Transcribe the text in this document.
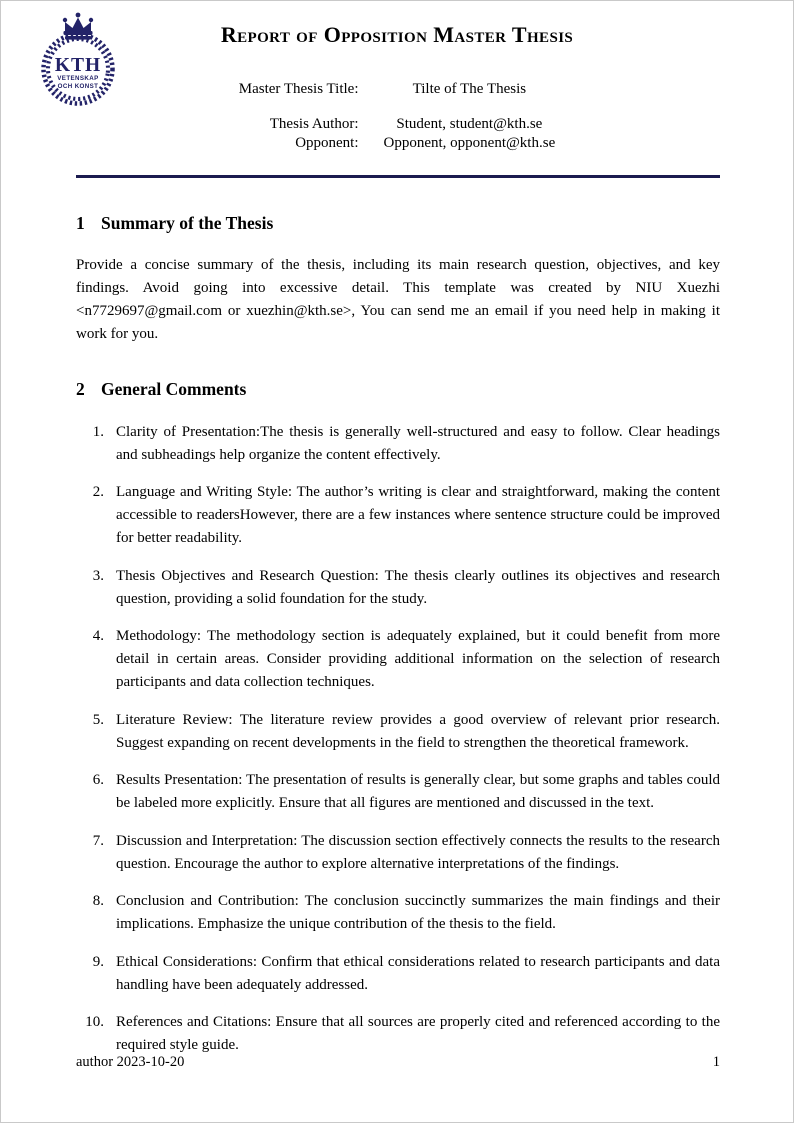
KTH
VETENSKAP
OCH KONST
Report of Opposition Master Thesis
Master Thesis Title:	Tilte of The Thesis
Thesis Author:	Student, student@kth.se
Opponent: Opponent, opponent@kth.se
1 Summary of the Thesis
Provide a concise summary of the thesis, including its main research question, objectives, and key findings. Avoid going into excessive detail. This template was created by NIU Xuezhi <n7729697@gmail.com or xuezhin@kth.se>, You can send me an email if you need help in making it work for you.
2 General Comments
1. Clarity of Presentation:The thesis is generally well-structured and easy to follow. Clear headings and subheadings help organize the content effectively.
2. Language and Writing Style: The author’s writing is clear and straightforward, making the content accessible to readersHowever, there are a few instances where sentence structure could be improved for better readability.
3. Thesis Objectives and Research Question: The thesis clearly outlines its objectives and research question, providing a solid foundation for the study.
4. Methodology: The methodology section is adequately explained, but it could benefit from more detail in certain areas. Consider providing additional information on the selection of research participants and data collection techniques.
5. Literature Review: The literature review provides a good overview of relevant prior research. Suggest expanding on recent developments in the field to strengthen the theoretical framework.
6. Results Presentation: The presentation of results is generally clear, but some graphs and tables could be labeled more explicitly. Ensure that all figures are mentioned and discussed in the text.
7. Discussion and Interpretation: The discussion section effectively connects the results to the research question. Encourage the author to explore alternative interpretations of the findings.
8. Conclusion and Contribution: The conclusion succinctly summarizes the main findings and their implications. Emphasize the unique contribution of the thesis to the field.
9. Ethical Considerations: Confirm that ethical considerations related to research participants and data handling have been adequately addressed.
10. References and Citations: Ensure that all sources are properly cited and referenced according to the required style guide.
author 2023-10-20	1
